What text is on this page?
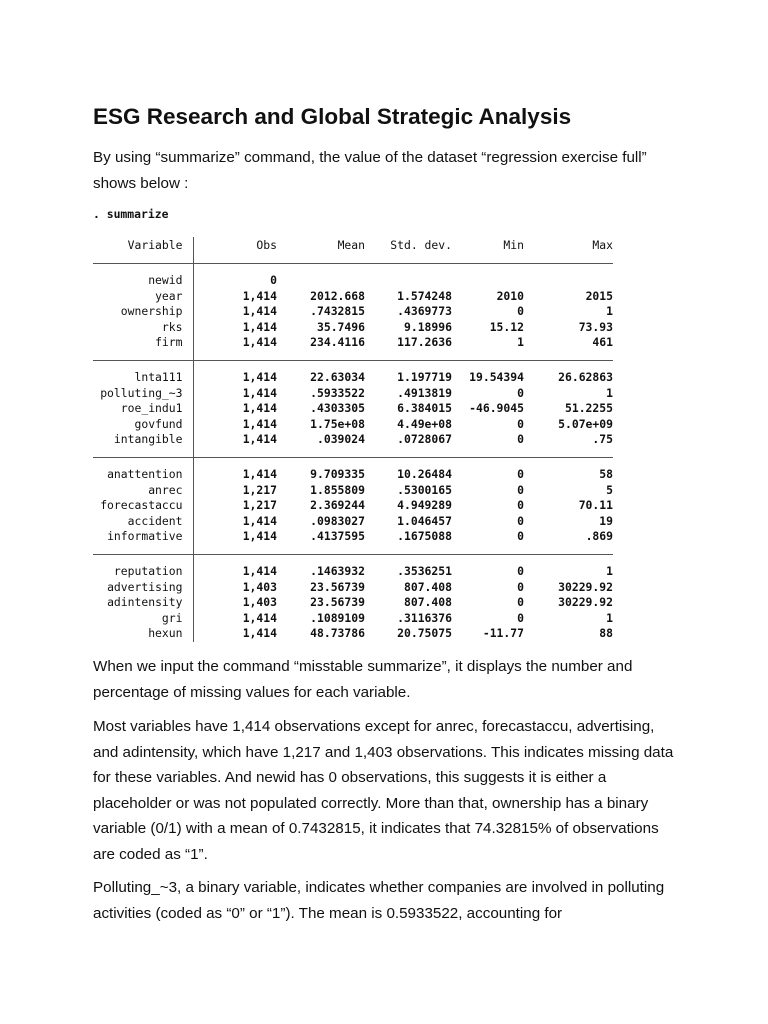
ESG Research and Global Strategic Analysis

By using “summarize” command, the value of the dataset “regression exercise full” shows below :

. summarize
Variable	Obs	Mean	Std. dev.	Min	Max

newid	0				
year	1,414	2012.668	1.574248	2010	2015
ownership	1,414	.7432815	.4369773	0	1
rks	1,414	35.7496	9.18996	15.12	73.93
firm	1,414	234.4116	117.2636	1	461

lnta111	1,414	22.63034	1.197719	19.54394	26.62863
polluting_~3	1,414	.5933522	.4913819	0	1
roe_indu1	1,414	.4303305	6.384015	-46.9045	51.2255
govfund	1,414	1.75e+08	4.49e+08	0	5.07e+09
intangible	1,414	.039024	.0728067	0	.75

anattention	1,414	9.709335	10.26484	0	58
anrec	1,217	1.855809	.5300165	0	5
forecastaccu	1,217	2.369244	4.949289	0	70.11
accident	1,414	.0983027	1.046457	0	19
informative	1,414	.4137595	.1675088	0	.869

reputation	1,414	.1463932	.3536251	0	1
advertising	1,403	23.56739	807.408	0	30229.92
adintensity	1,403	23.56739	807.408	0	30229.92
gri	1,414	.1089109	.3116376	0	1
hexun	1,414	48.73786	20.75075	-11.77	88

When we input the command “misstable summarize”, it displays the number and percentage of missing values for each variable.

Most variables have 1,414 observations except for anrec, forecastaccu, advertising, and adintensity, which have 1,217 and 1,403 observations. This indicates missing data for these variables. And newid has 0 observations, this suggests it is either a placeholder or was not populated correctly. More than that, ownership has a binary variable (0/1) with a mean of 0.7432815, it indicates that 74.32815% of observations are coded as “1”.

Polluting_~3, a binary variable, indicates whether companies are involved in polluting activities (coded as “0” or “1”). The mean is 0.5933522, accounting for
